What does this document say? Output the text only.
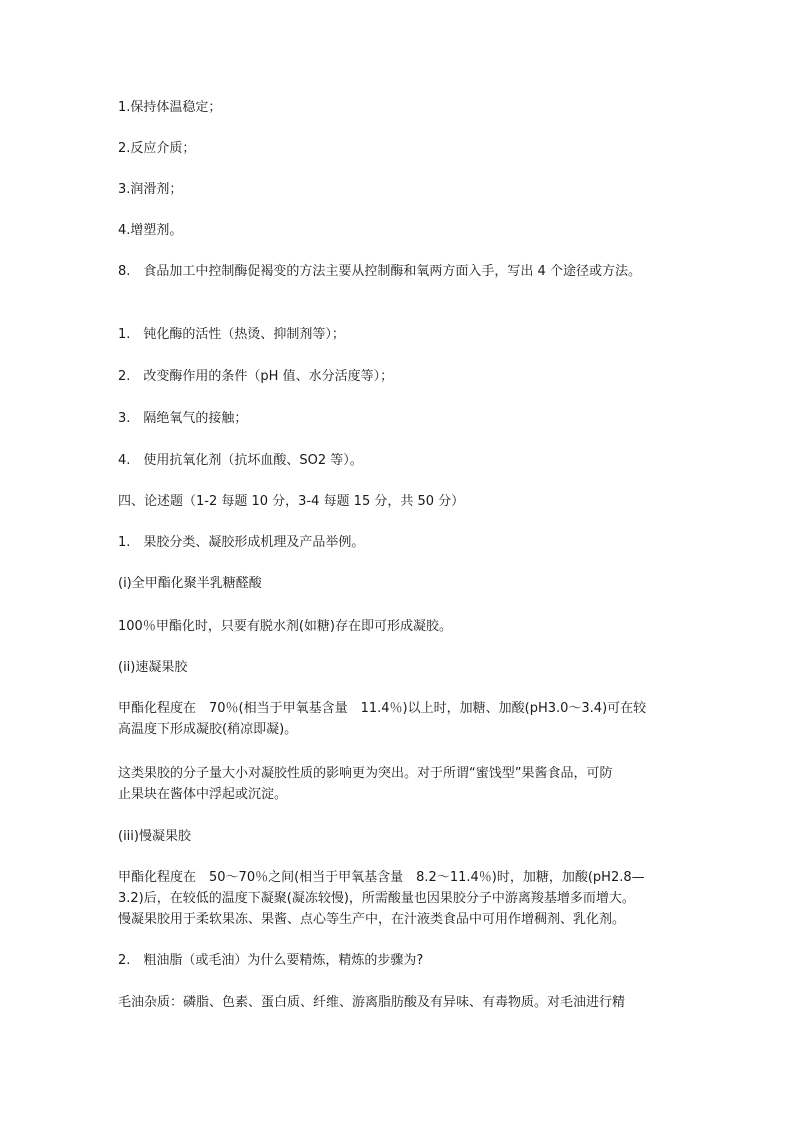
1.保持体温稳定；

2.反应介质；

3.润滑剂；

4.增塑剂。

8.　食品加工中控制酶促褐变的方法主要从控制酶和氧两方面入手，写出 4 个途径或方法。

1.　钝化酶的活性（热烫、抑制剂等）；

2.　改变酶作用的条件（pH 值、水分活度等）；

3.　隔绝氧气的接触；

4.　使用抗氧化剂（抗坏血酸、SO2 等）。

四、论述题（1-2 每题 10 分，3-4 每题 15 分，共 50 分）

1.　果胶分类、凝胶形成机理及产品举例。

(i)全甲酯化聚半乳糖醛酸

100％甲酯化时，只要有脱水剂(如糖)存在即可形成凝胶。

(ii)速凝果胶

甲酯化程度在　70％(相当于甲氧基含量　11.4％)以上时，加糖、加酸(pH3.0～3.4)可在较

高温度下形成凝胶(稍凉即凝)。

这类果胶的分子量大小对凝胶性质的影响更为突出。对于所谓“蜜饯型”果酱食品，可防

止果块在酱体中浮起或沉淀。

(iii)慢凝果胶

甲酯化程度在　50～70％之间(相当于甲氧基含量　8.2～11.4％)时，加糖，加酸(pH2.8—

3.2)后，在较低的温度下凝聚(凝冻较慢)，所需酸量也因果胶分子中游离羧基增多而增大。

慢凝果胶用于柔软果冻、果酱、点心等生产中，在汁液类食品中可用作增稠剂、乳化剂。

2.　粗油脂（或毛油）为什么要精炼，精炼的步骤为?

毛油杂质：磷脂、色素、蛋白质、纤维、游离脂肪酸及有异味、有毒物质。对毛油进行精
